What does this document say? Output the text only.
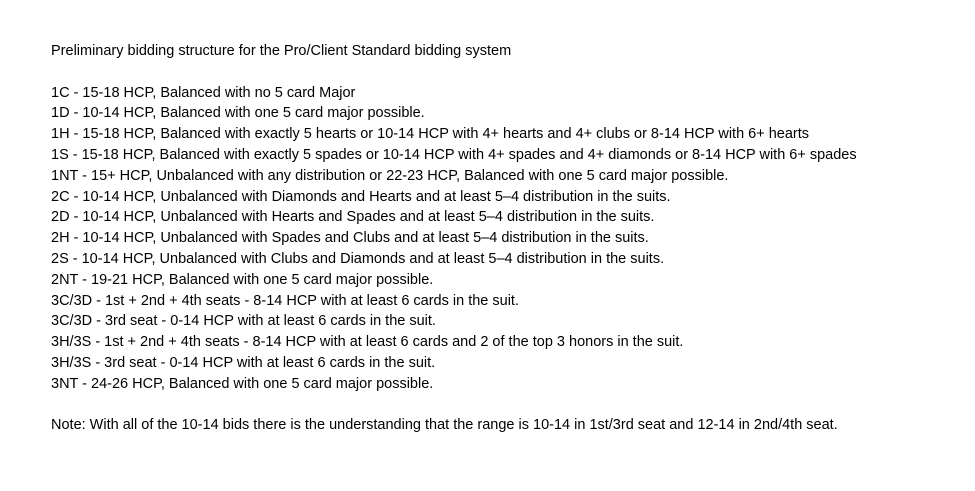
Preliminary bidding structure for the Pro/Client Standard bidding system

1C - 15-18 HCP, Balanced with no 5 card Major
1D - 10-14 HCP, Balanced with one 5 card major possible.
1H - 15-18 HCP, Balanced with exactly 5 hearts or 10-14 HCP with 4+ hearts and 4+ clubs or 8-14 HCP with 6+ hearts
1S - 15-18 HCP, Balanced with exactly 5 spades or 10-14 HCP with 4+ spades and 4+ diamonds or 8-14 HCP with 6+ spades
1NT - 15+ HCP, Unbalanced with any distribution or 22-23 HCP, Balanced with one 5 card major possible.
2C - 10-14 HCP, Unbalanced with Diamonds and Hearts and at least 5–4 distribution in the suits.
2D - 10-14 HCP, Unbalanced with Hearts and Spades and at least 5–4 distribution in the suits.
2H - 10-14 HCP, Unbalanced with Spades and Clubs and at least 5–4 distribution in the suits.
2S - 10-14 HCP, Unbalanced with Clubs and Diamonds and at least 5–4 distribution in the suits.
2NT - 19-21 HCP, Balanced with one 5 card major possible.
3C/3D - 1st + 2nd + 4th seats - 8-14 HCP with at least 6 cards in the suit.
3C/3D - 3rd seat - 0-14 HCP with at least 6 cards in the suit.
3H/3S - 1st + 2nd + 4th seats - 8-14 HCP with at least 6 cards and 2 of the top 3 honors in the suit.
3H/3S - 3rd seat - 0-14 HCP with at least 6 cards in the suit.
3NT - 24-26 HCP, Balanced with one 5 card major possible.

Note: With all of the 10-14 bids there is the understanding that the range is 10-14 in 1st/3rd seat and 12-14 in 2nd/4th seat.
